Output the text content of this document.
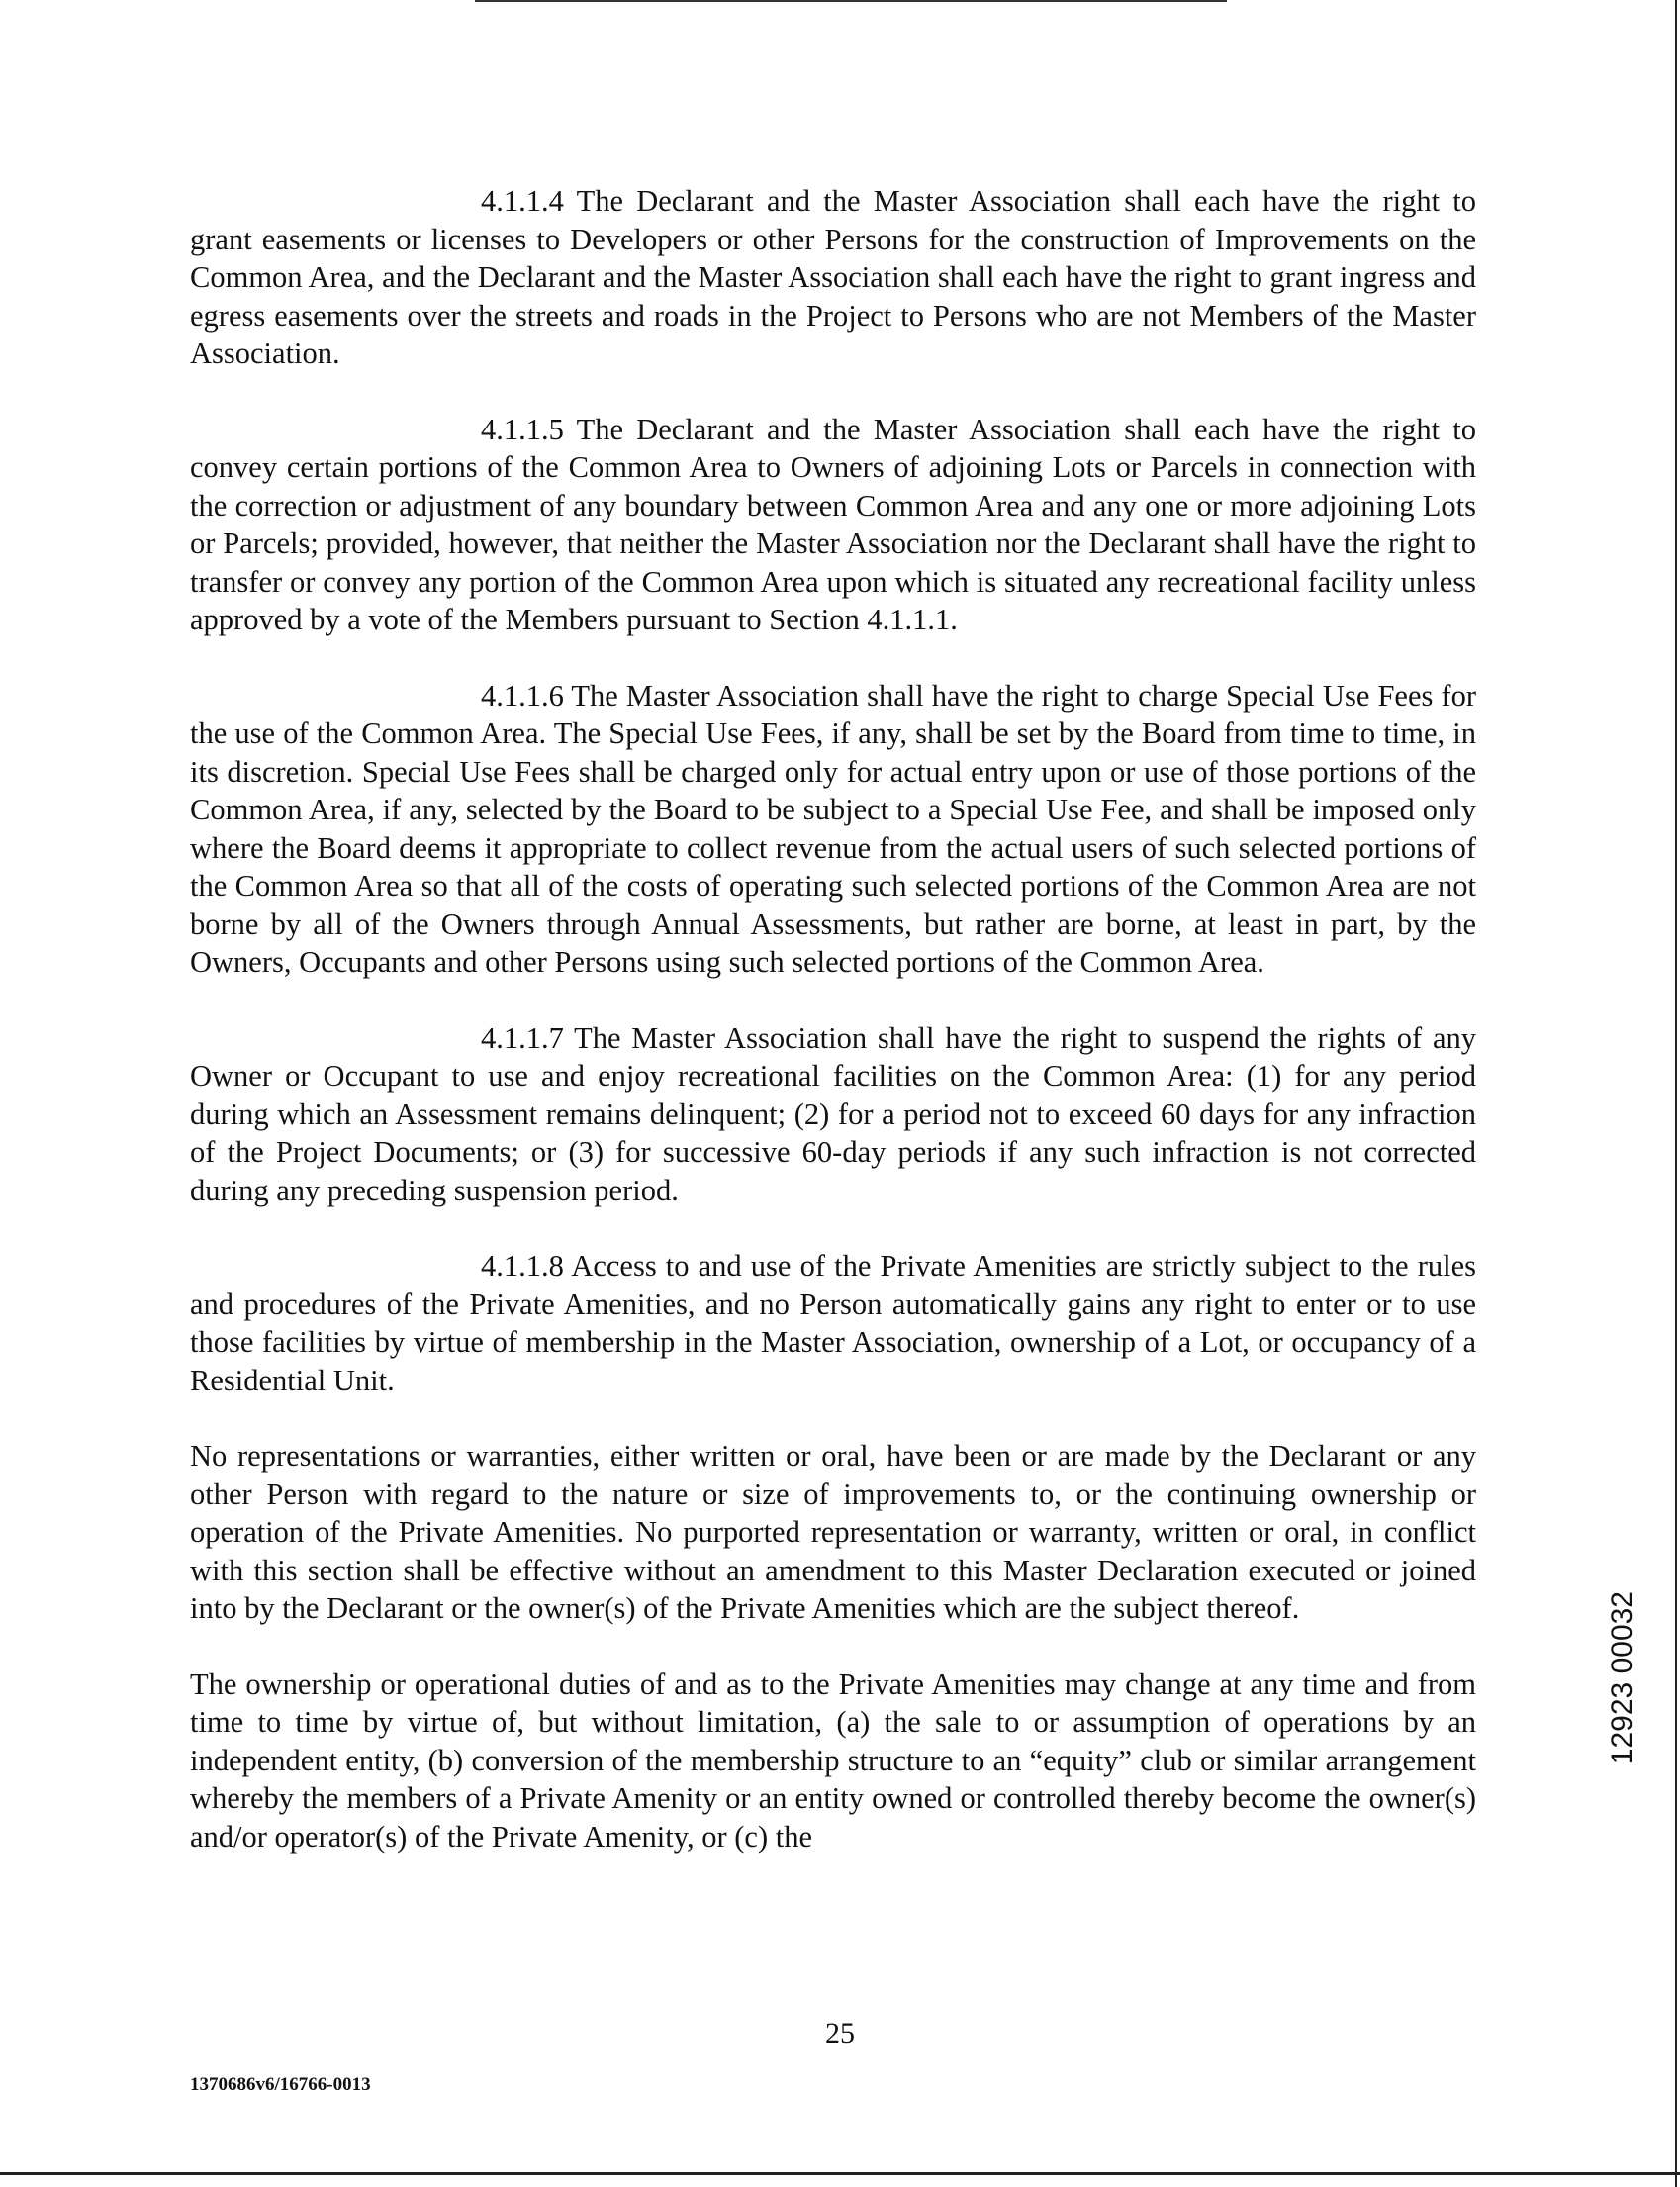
4.1.1.4 The Declarant and the Master Association shall each have the right to grant easements or licenses to Developers or other Persons for the construction of Improvements on the Common Area, and the Declarant and the Master Association shall each have the right to grant ingress and egress easements over the streets and roads in the Project to Persons who are not Members of the Master Association.

4.1.1.5 The Declarant and the Master Association shall each have the right to convey certain portions of the Common Area to Owners of adjoining Lots or Parcels in connection with the correction or adjustment of any boundary between Common Area and any one or more adjoining Lots or Parcels; provided, however, that neither the Master Association nor the Declarant shall have the right to transfer or convey any portion of the Common Area upon which is situated any recreational facility unless approved by a vote of the Members pursuant to Section 4.1.1.1.

4.1.1.6 The Master Association shall have the right to charge Special Use Fees for the use of the Common Area. The Special Use Fees, if any, shall be set by the Board from time to time, in its discretion. Special Use Fees shall be charged only for actual entry upon or use of those portions of the Common Area, if any, selected by the Board to be subject to a Special Use Fee, and shall be imposed only where the Board deems it appropriate to collect revenue from the actual users of such selected portions of the Common Area so that all of the costs of operating such selected portions of the Common Area are not borne by all of the Owners through Annual Assessments, but rather are borne, at least in part, by the Owners, Occupants and other Persons using such selected portions of the Common Area.

4.1.1.7 The Master Association shall have the right to suspend the rights of any Owner or Occupant to use and enjoy recreational facilities on the Common Area: (1) for any period during which an Assessment remains delinquent; (2) for a period not to exceed 60 days for any infraction of the Project Documents; or (3) for successive 60-day periods if any such infraction is not corrected during any preceding suspension period.

4.1.1.8 Access to and use of the Private Amenities are strictly subject to the rules and procedures of the Private Amenities, and no Person automatically gains any right to enter or to use those facilities by virtue of membership in the Master Association, ownership of a Lot, or occupancy of a Residential Unit.

No representations or warranties, either written or oral, have been or are made by the Declarant or any other Person with regard to the nature or size of improvements to, or the continuing ownership or operation of the Private Amenities. No purported representation or warranty, written or oral, in conflict with this section shall be effective without an amendment to this Master Declaration executed or joined into by the Declarant or the owner(s) of the Private Amenities which are the subject thereof.

The ownership or operational duties of and as to the Private Amenities may change at any time and from time to time by virtue of, but without limitation, (a) the sale to or assumption of operations by an independent entity, (b) conversion of the membership structure to an “equity” club or similar arrangement whereby the members of a Private Amenity or an entity owned or controlled thereby become the owner(s) and/or operator(s) of the Private Amenity, or (c) the

12923 00032
25
1370686v6/16766-0013
